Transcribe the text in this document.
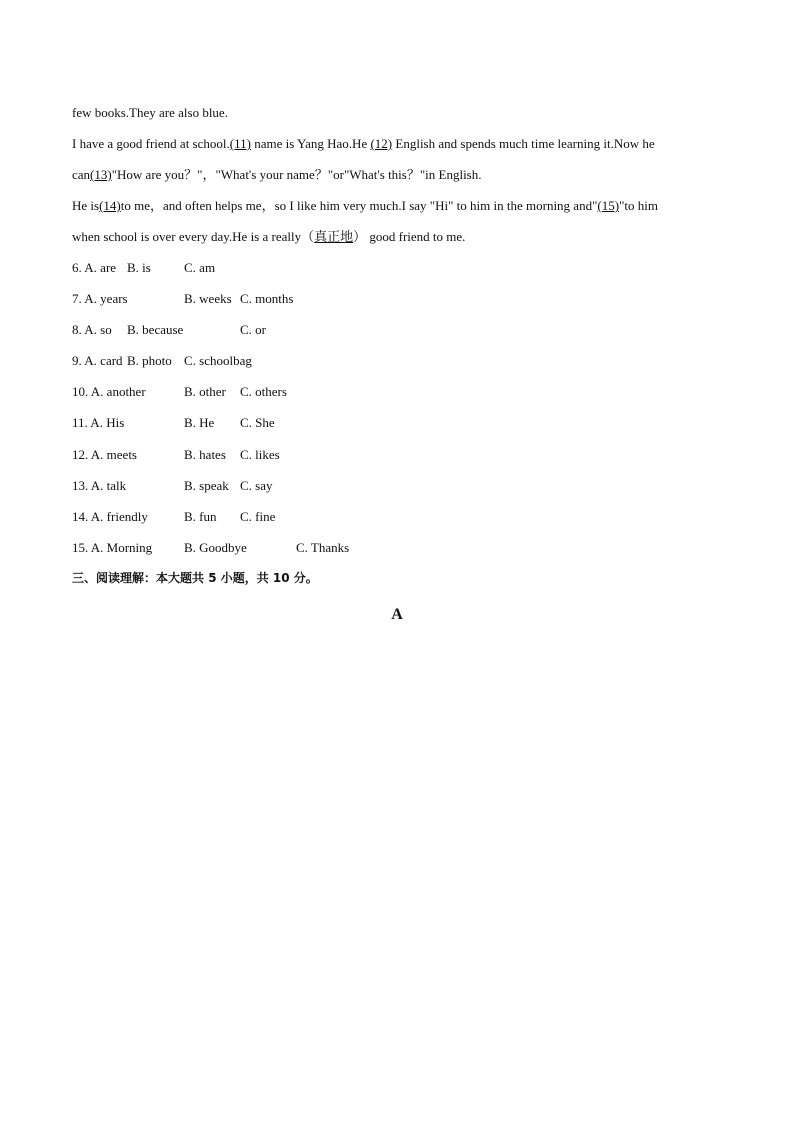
few books.They are also blue.
I have a good friend at school.(11) name is Yang Hao.He (12) English and spends much time learning it.Now he
can(13)"How are you？"，"What's your name？"or"What's this？"in English.
He is(14)to me，and often helps me，so I like him very much.I say "Hi" to him in the morning and"(15)"to him
when school is over every day.He is a really（真正地） good friend to me.
6. A. are B. is	C. am
7. A. years	B. weeks C. months
8. A. so B. because	C. or
9. A. card B. photo C. schoolbag
10. A. another	B. other C. others
11. A. His	B. He C. She
12. A. meets	B. hates C. likes
13. A. talk	B. speak C. say
14. A. friendly	B. fun C. fine
15. A. Morning B. Goodbye	C. Thanks
三、阅读理解：本大题共 5 小题，共 10 分。
A
